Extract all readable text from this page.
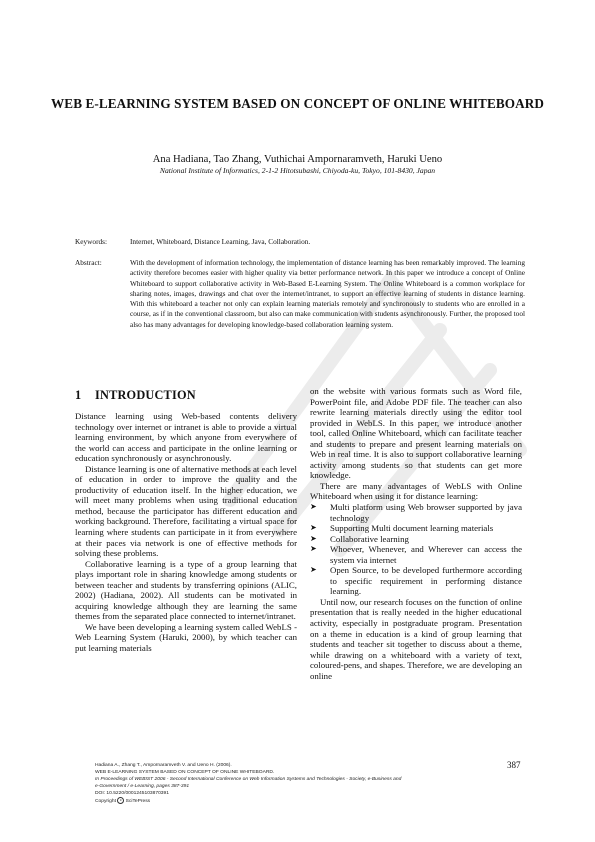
WEB E-LEARNING SYSTEM BASED ON CONCEPT OF ONLINE WHITEBOARD
Ana Hadiana, Tao Zhang, Vuthichai Ampornaramveth, Haruki Ueno
National Institute of Informatics, 2-1-2 Hitotsubashi, Chiyoda-ku, Tokyo, 101-8430, Japan
Keywords:	Internet, Whiteboard, Distance Learning, Java, Collaboration.
Abstract:	With the development of information technology, the implementation of distance learning has been remarkably improved. The learning activity therefore becomes easier with higher quality via better performance network. In this paper we introduce a concept of Online Whiteboard to support collaborative activity in Web-Based E-Learning System. The Online Whiteboard is a common workplace for sharing notes, images, drawings and chat over the internet/intranet, to support an effective learning of students in distance learning. With this whiteboard a teacher not only can explain learning materials remotely and synchronously to students who are enrolled in a course, as if in the conventional classroom, but also can make communication with students asynchronously. Further, the proposed tool also has many advantages for developing knowledge-based collaboration learning system.
1 INTRODUCTION

Distance learning using Web-based contents delivery technology over internet or intranet is able to provide a virtual learning environment, by which anyone from everywhere of the world can access and participate in the online learning or education synchronously or asynchronously.

Distance learning is one of alternative methods at each level of education in order to improve the quality and the productivity of education itself. In the higher education, we will meet many problems when using traditional education method, because the participator has different education and working background. Therefore, facilitating a virtual space for learning where students can participate in it from everywhere at their paces via network is one of effective methods for solving these problems.

Collaborative learning is a type of a group learning that plays important role in sharing knowledge among students or between teacher and students by transferring opinions (ALIC, 2002) (Hadiana, 2002). All students can be motivated in acquiring knowledge although they are learning the same themes from the separated place connected to internet/intranet.

We have been developing a learning system called WebLS - Web Learning System (Haruki, 2000), by which teacher can put learning materials

on the website with various formats such as Word file, PowerPoint file, and Adobe PDF file. The teacher can also rewrite learning materials directly using the editor tool provided in WebLS. In this paper, we introduce another tool, called Online Whiteboard, which can facilitate teacher and students to prepare and present learning materials on Web in real time. It is also to support collaborative learning activity among students so that students can get more knowledge.

There are many advantages of WebLS with Online Whiteboard when using it for distance learning:

➤	Multi platform using Web browser supported by java technology
➤	Supporting Multi document learning materials
➤	Collaborative learning
➤	Whoever, Whenever, and Wherever can access the system via internet
➤	Open Source, to be developed furthermore according to specific requirement in performing distance learning.

Until now, our research focuses on the function of online presentation that is really needed in the higher educational activity, especially in postgraduate program. Presentation on a theme in education is a kind of group learning that students and teacher sit together to discuss about a theme, while drawing on a whiteboard with a variety of text, coloured-pens, and shapes. Therefore, we are developing an online

Hadiana A., Zhang T., Ampornaramveth V. and Ueno H. (2006).
WEB E-LEARNING SYSTEM BASED ON CONCEPT OF ONLINE WHITEBOARD.
In Proceedings of WEBIST 2006 - Second International Conference on Web Information Systems and Technologies - Society, e-Business and
e-Government / e-Learning, pages 387-391
DOI: 10.5220/0001245103870391
Copyright c SciTePress
387
